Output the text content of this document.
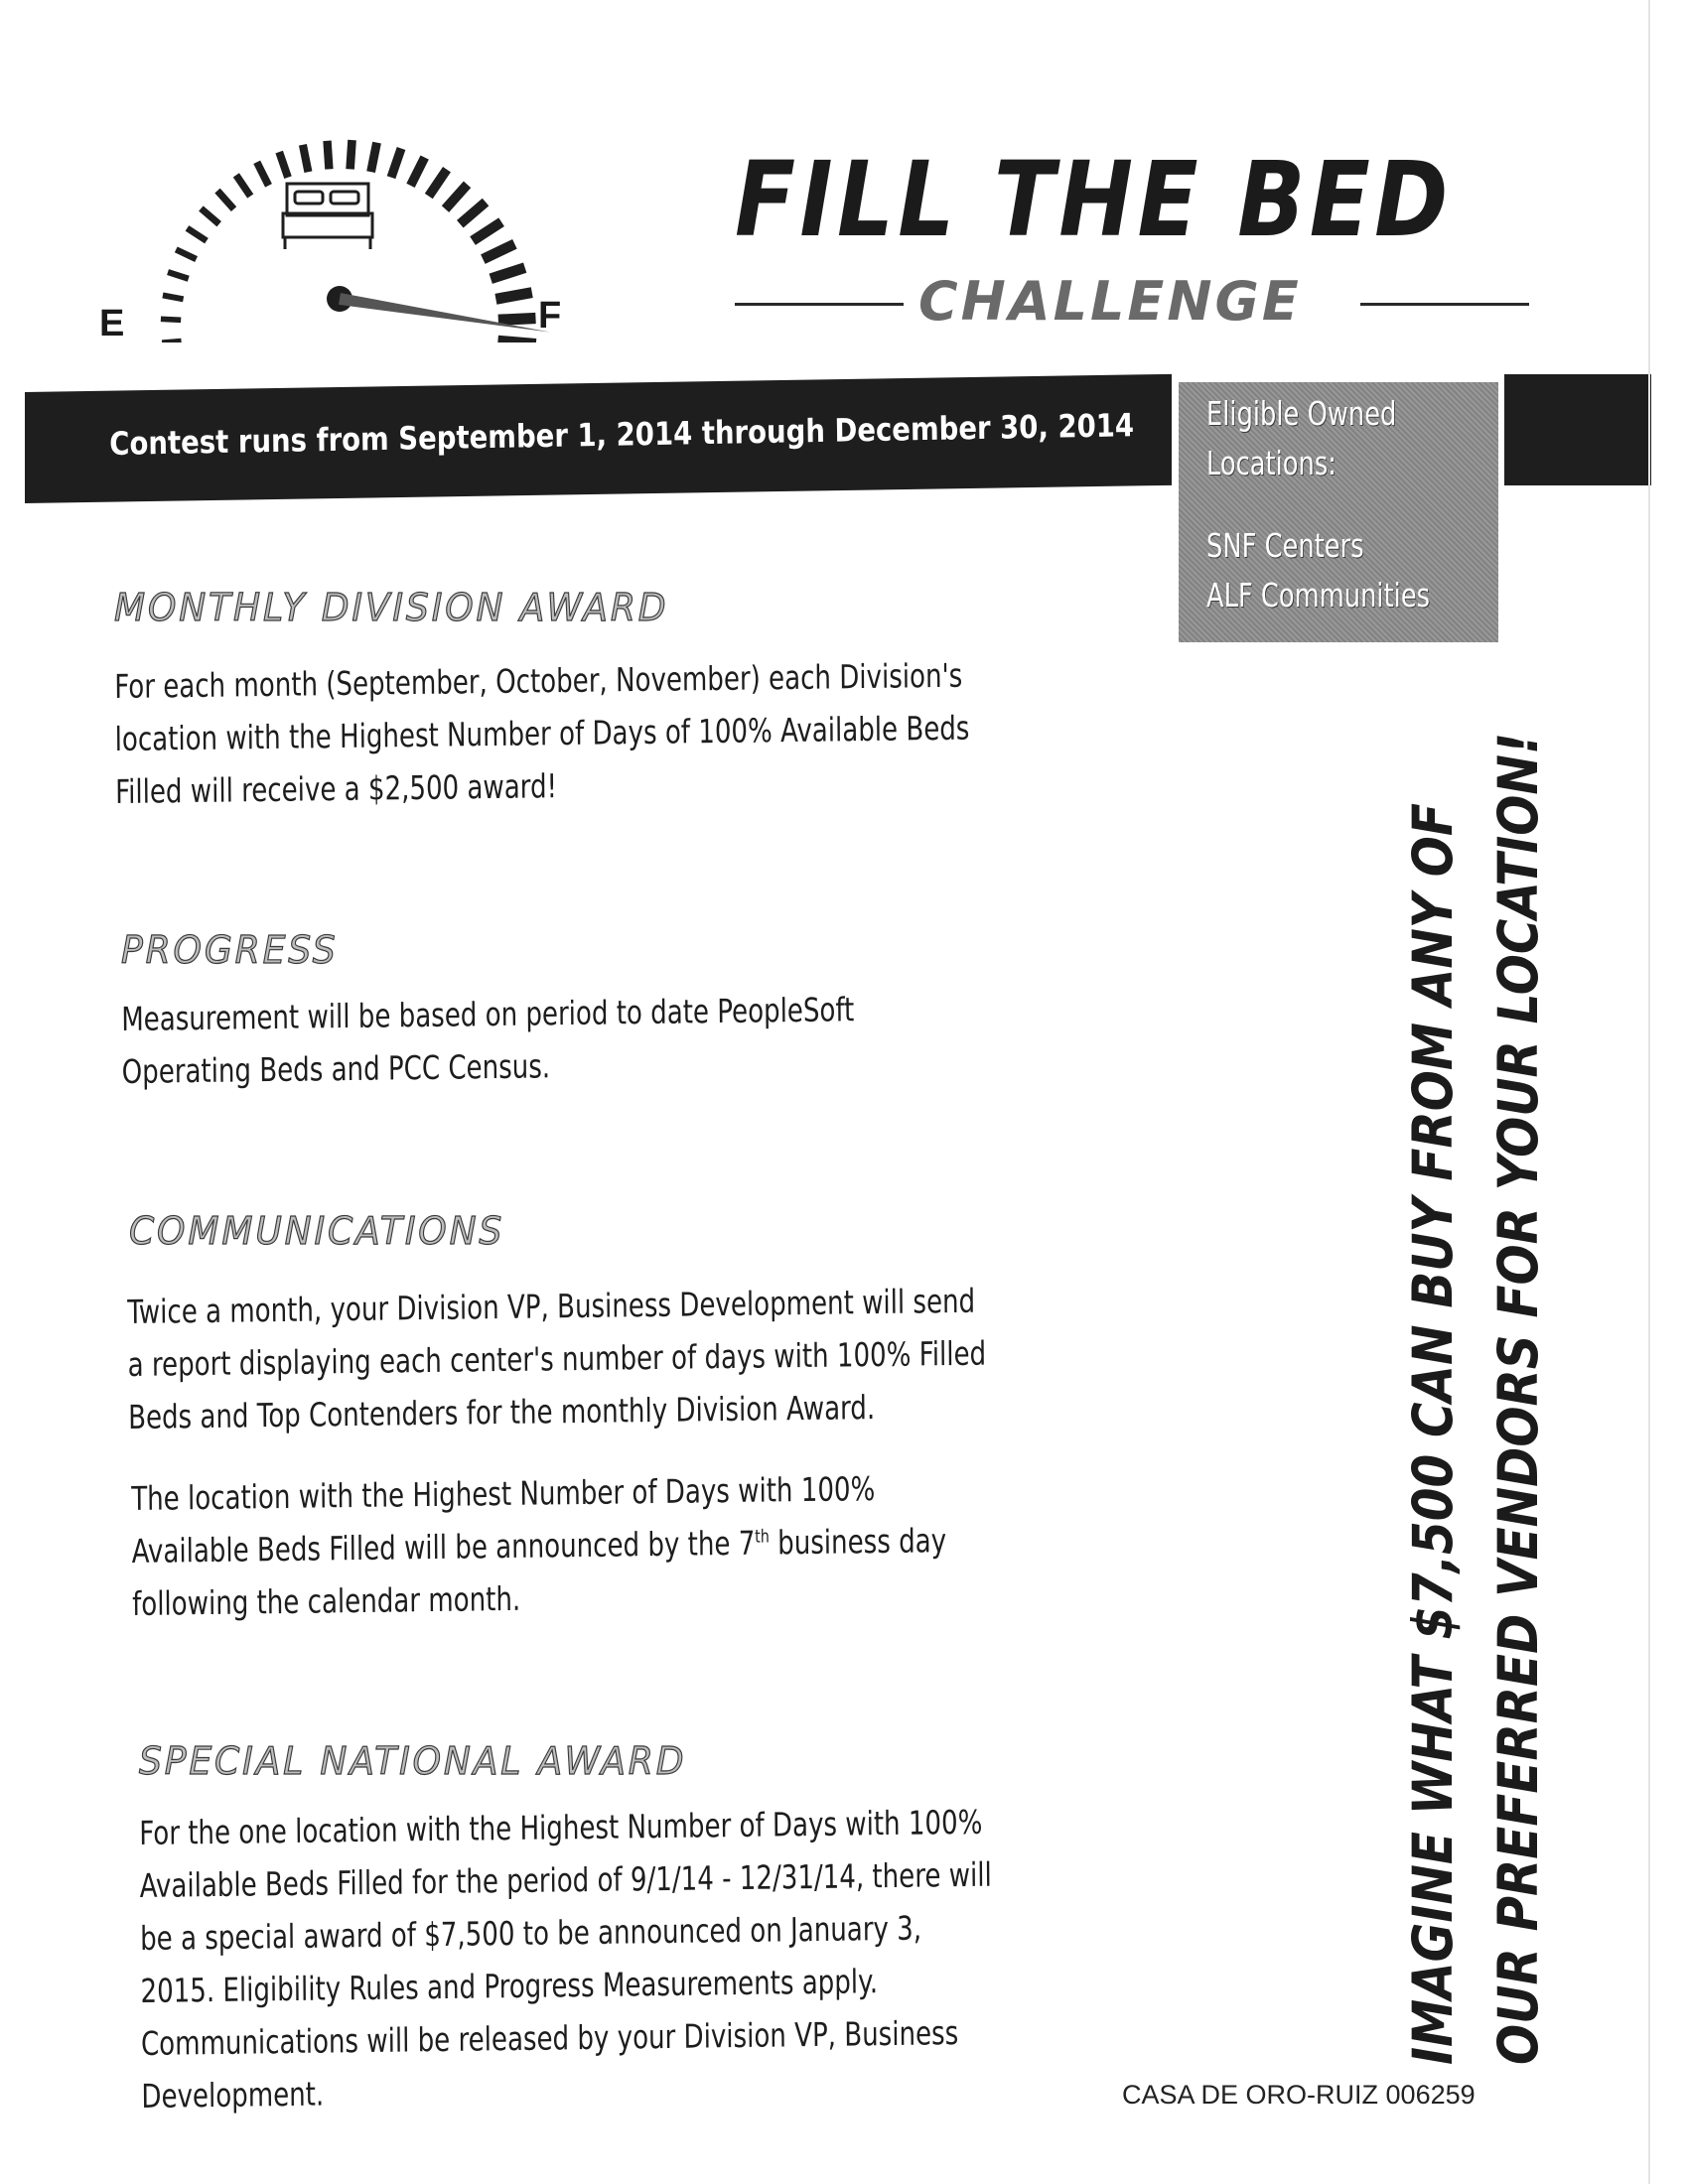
E	F
FILL THE BED
CHALLENGE
Contest runs from September 1, 2014 through December 30, 2014 Eligible Owned
Locations:
SNF Centers
ALF Communities
MONTHLY DIVISION AWARD
For each month (September, October, November) each Division's location with the Highest Number of Days of 100% Available Beds Filled will receive a $2,500 award!
PROGRESS
Measurement will be based on period to date PeopleSoft Operating Beds and PCC Census.
COMMUNICATIONS
Twice a month, your Division VP, Business Development will send a report displaying each center's number of days with 100% Filled Beds and Top Contenders for the monthly Division Award.
The location with the Highest Number of Days with 100% Available Beds Filled will be announced by the 7th business day following the calendar month.
SPECIAL NATIONAL AWARD
For the one location with the Highest Number of Days with 100% Available Beds Filled for the period of 9/1/14 - 12/31/14, there will be a special award of $7,500 to be announced on January 3, 2015. Eligibility Rules and Progress Measurements apply. Communications will be released by your Division VP, Business Development.
IMAGINE WHAT $7,500 CAN BUY FROM ANY OF OUR PREFERRED VENDORS FOR YOUR LOCATION!
CASA DE ORO-RUIZ 006259
